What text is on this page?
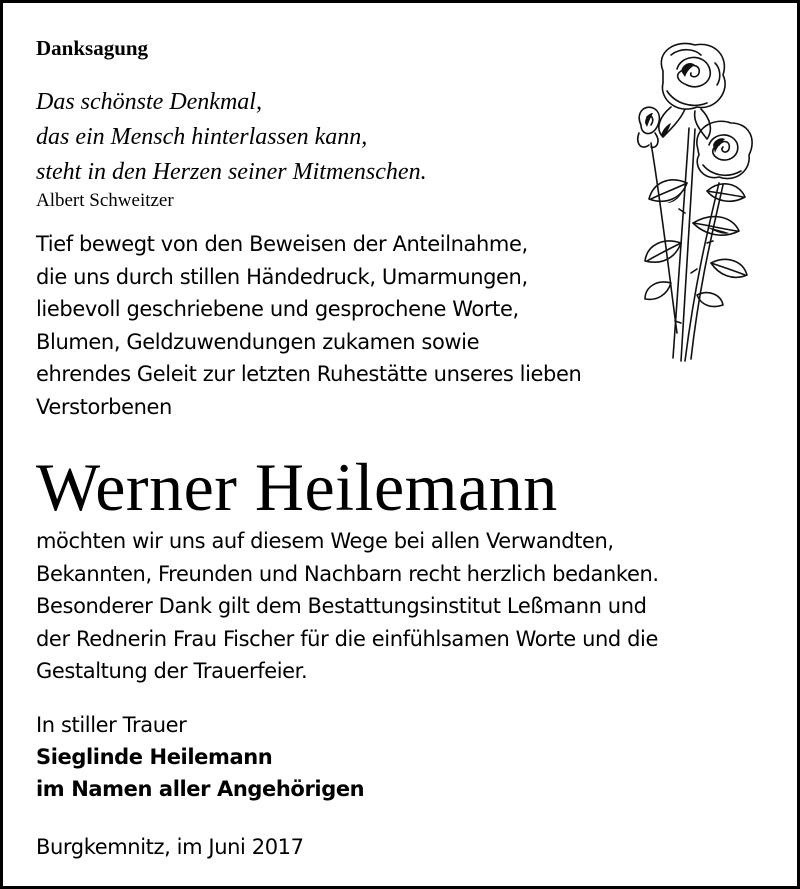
Danksagung
Das schönste Denkmal,
das ein Mensch hinterlassen kann,
steht in den Herzen seiner Mitmenschen.
Albert Schweitzer
Tief bewegt von den Beweisen der Anteilnahme,
die uns durch stillen Händedruck, Umarmungen,
liebevoll geschriebene und gesprochene Worte,
Blumen, Geldzuwendungen zukamen sowie
ehrendes Geleit zur letzten Ruhestätte unseres lieben
Verstorbenen
Werner Heilemann
möchten wir uns auf diesem Wege bei allen Verwandten,
Bekannten, Freunden und Nachbarn recht herzlich bedanken.
Besonderer Dank gilt dem Bestattungsinstitut Leßmann und
der Rednerin Frau Fischer für die einfühlsamen Worte und die
Gestaltung der Trauerfeier.
In stiller Trauer
Sieglinde Heilemann
im Namen aller Angehörigen
Burgkemnitz, im Juni 2017
